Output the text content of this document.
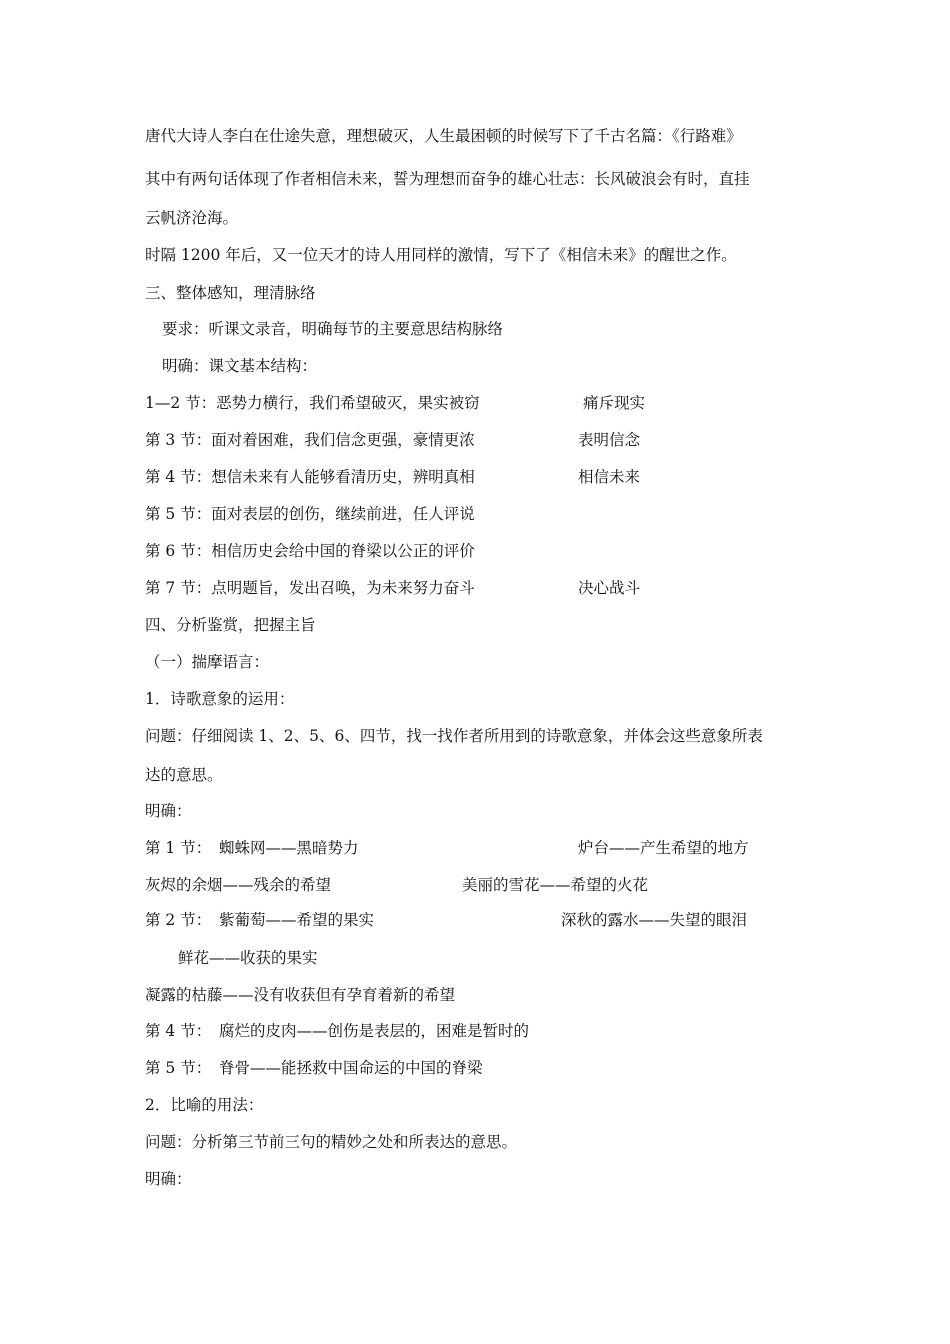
唐代大诗人李白在仕途失意，理想破灭，人生最困顿的时候写下了千古名篇：《行路难》
其中有两句话体现了作者相信未来，誓为理想而奋争的雄心壮志：长风破浪会有时，直挂
云帆济沧海。
时隔 1200 年后，又一位天才的诗人用同样的激情，写下了《相信未来》的醒世之作。
三、整体感知，理清脉络
要求：听课文录音，明确每节的主要意思结构脉络
明确：课文基本结构：
1—2 节：恶势力横行，我们希望破灭，果实被窃	痛斥现实
第 3 节：面对着困难，我们信念更强，豪情更浓	表明信念
第 4 节：想信未来有人能够看清历史，辨明真相	相信未来
第 5 节：面对表层的创伤，继续前进，任人评说
第 6 节：相信历史会给中国的脊梁以公正的评价
第 7 节：点明题旨，发出召唤，为未来努力奋斗	决心战斗
四、分析鉴赏，把握主旨
（一）揣摩语言：
1．诗歌意象的运用：
问题：仔细阅读 1、2、5、6、四节，找一找作者所用到的诗歌意象，并体会这些意象所表
达的意思。
明确：
第 1 节：　蜘蛛网——黑暗势力	炉台——产生希望的地方
灰烬的余烟——残余的希望	美丽的雪花——希望的火花
第 2 节：　紫葡萄——希望的果实	深秋的露水——失望的眼泪
鲜花——收获的果实
凝露的枯藤——没有收获但有孕育着新的希望
第 4 节：　腐烂的皮肉——创伤是表层的，困难是暂时的
第 5 节：　脊骨——能拯救中国命运的中国的脊梁
2．比喻的用法：
问题：分析第三节前三句的精妙之处和所表达的意思。
明确：
